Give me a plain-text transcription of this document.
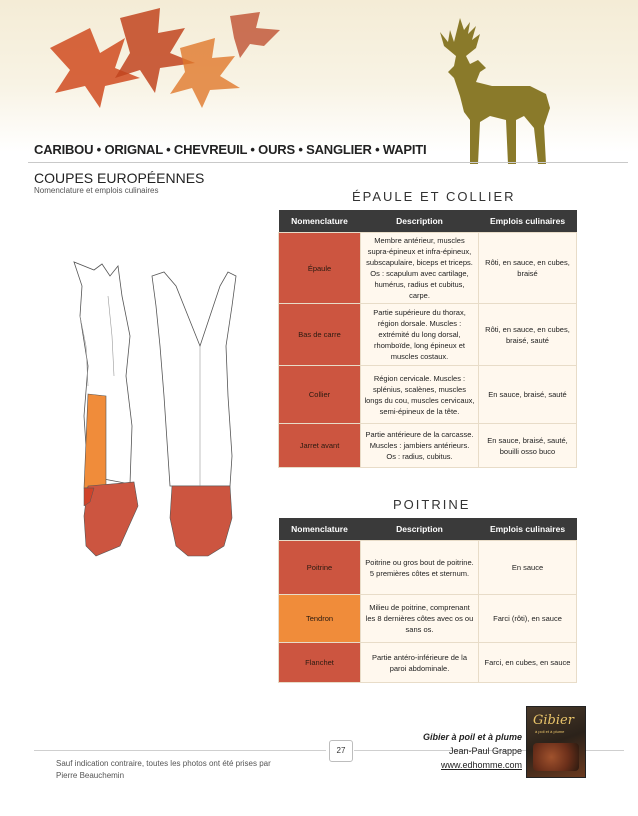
CARIBOU • ORIGNAL • CHEVREUIL • OURS • SANGLIER • WAPITI
COUPES EUROPÉENNES
Nomenclature et emplois culinaires	ÉPAULE ET COLLIER
Nomenclature	Description	Emplois culinaires
Épaule	Membre antérieur, muscles supra-épineux et infra-épineux, subscapulaire, biceps et triceps. Os : scapulum avec cartilage, humérus, radius et cubitus, carpe.	Rôti, en sauce, en cubes, braisé
Bas de carre	Partie supérieure du thorax, région dorsale. Muscles : extrémité du long dorsal, rhomboïde, long épineux et muscles costaux.	Rôti, en sauce, en cubes, braisé, sauté
Collier	Région cervicale. Muscles : splénius, scalènes, muscles longs du cou, muscles cervicaux, semi-épineux de la tête.	En sauce, braisé, sauté
Jarret avant	Partie antérieure de la carcasse. Muscles : jambiers antérieurs. Os : radius, cubitus.	En sauce, braisé, sauté, bouilli osso buco
POITRINE
Nomenclature	Description	Emplois culinaires
Poitrine	Poitrine ou gros bout de poitrine. 5 premières côtes et sternum.	En sauce
Tendron	Milieu de poitrine, comprenant les 8 dernières côtes avec os ou sans os.	Farci (rôti), en sauce
Flanchet	Partie antéro-inférieure de la paroi abdominale.	Farci, en cubes, en sauce
27
Sauf indication contraire, toutes les photos ont été prises par Pierre Beauchemin
Gibier à poil et à plume
Jean-Paul Grappe
www.edhomme.com
Gibier
à poil et à plume
